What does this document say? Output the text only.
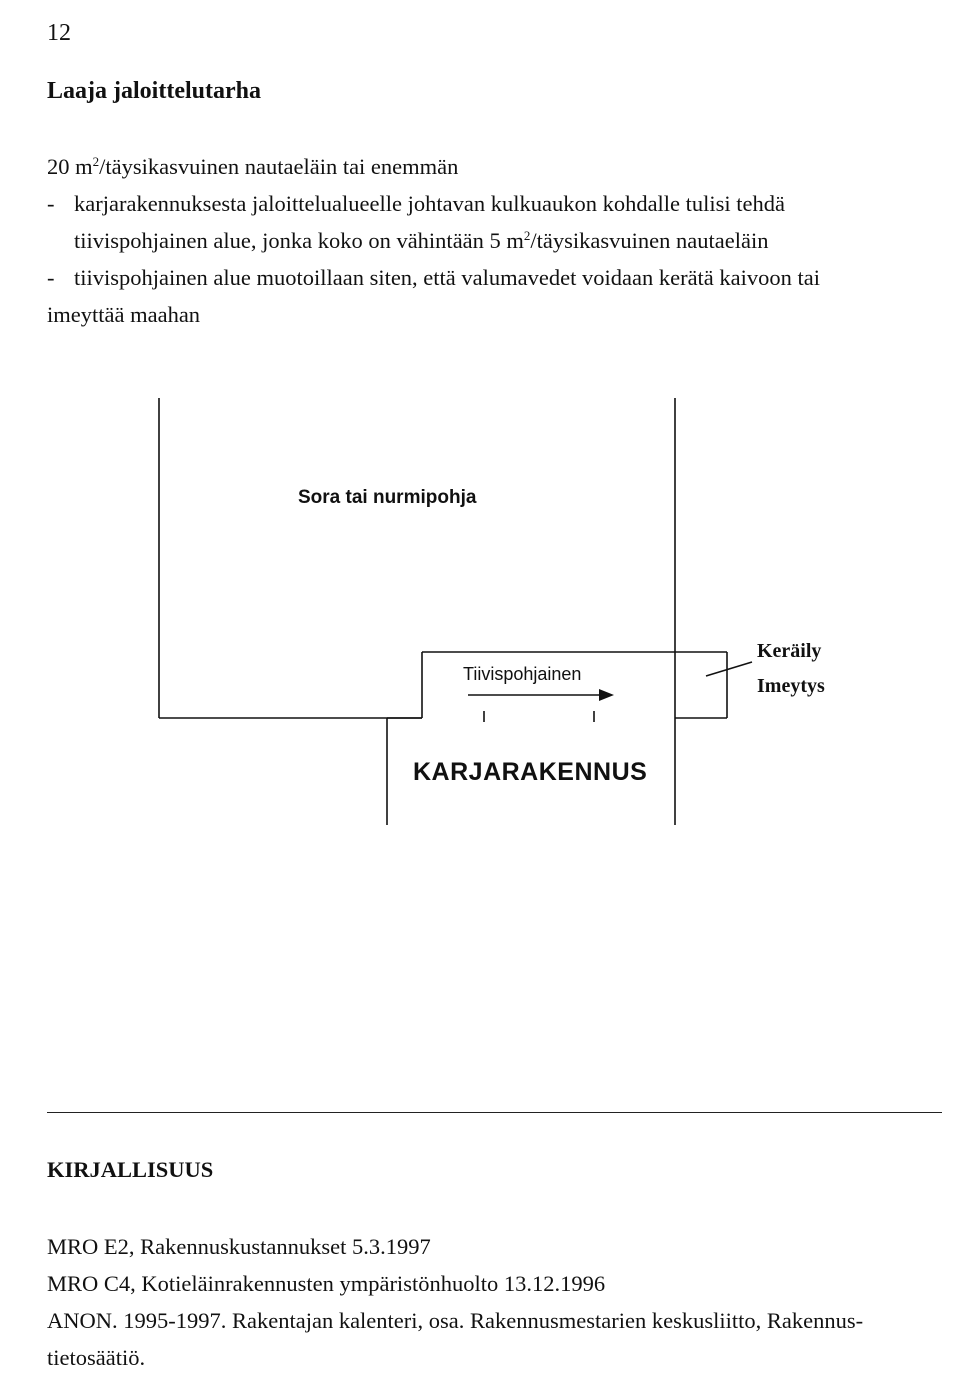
12
Laaja jaloittelutarha

20 $m^2$/täysikasvuinen nautaeläin tai enemmän

- karjarakennuksesta jaloittelualueelle johtavan kulkuaukon kohdalle tulisi tehdä
tiivispohjainen alue, jonka koko on vähintään 5 $m^2$/täysikasvuinen nautaeläin

- tiivispohjainen alue muotoillaan siten, että valumavedet voidaan kerätä kaivoon tai

imeyttää maahan

Sora tai nurmipohja
Tiivispohjainen
KARJARAKENNUS
Keräily
Imeytys
KIRJALLISUUS

MRO E2, Rakennuskustannukset 5.3.1997

MRO C4, Kotieläinrakennusten ympäristönhuolto 13.12.1996

ANON. 1995-1997. Rakentajan kalenteri, osa. Rakennusmestarien keskusliitto, Rakennus-

tietosäätiö.
